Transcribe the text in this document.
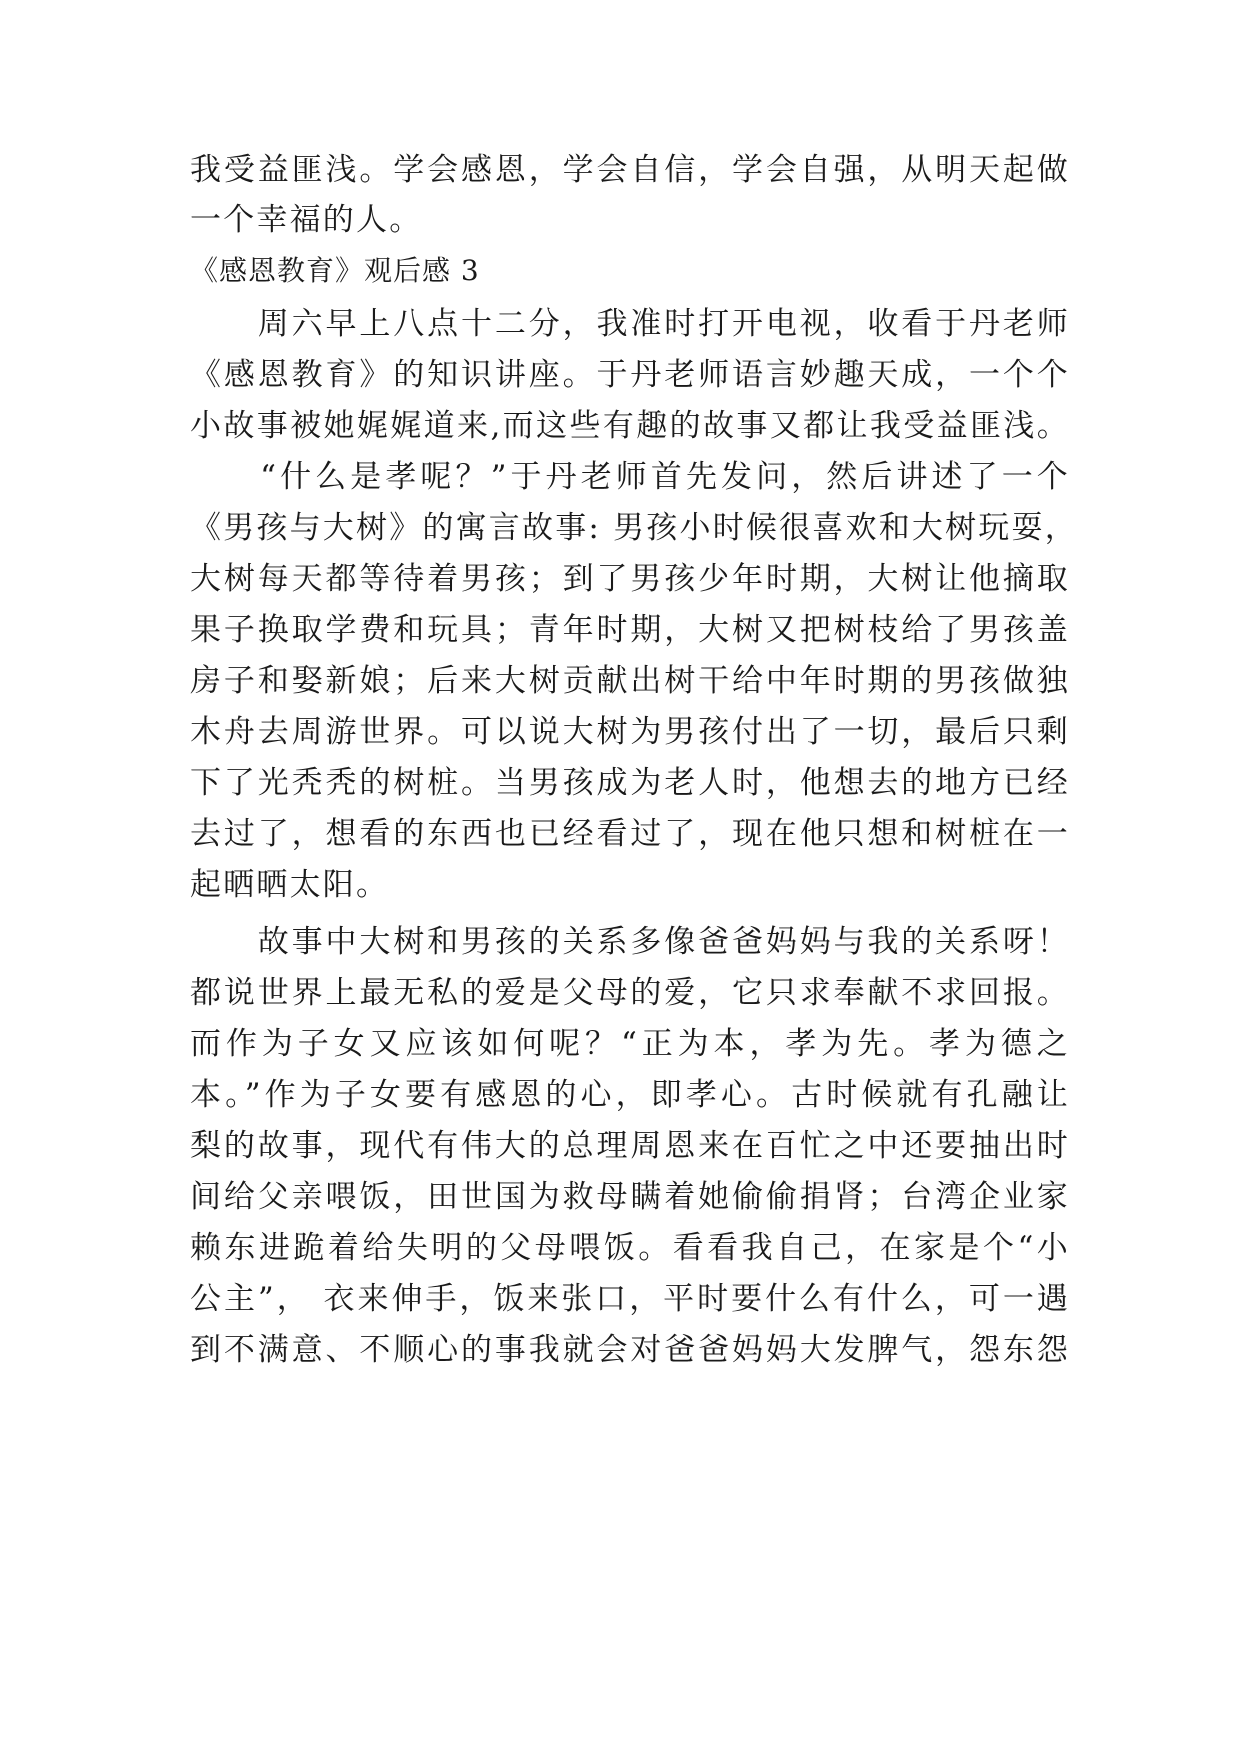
我受益匪浅。学会感恩，学会自信，学会自强，从明天起做

一个幸福的人。

《感恩教育》观后感 3

　　周六早上八点十二分，我准时打开电视，收看于丹老师

《感恩教育》的知识讲座。于丹老师语言妙趣天成，一个个

小故事被她娓娓道来,而这些有趣的故事又都让我受益匪浅。

　　“什么是孝呢？”于丹老师首先发问，然后讲述了一个

《男孩与大树》的寓言故事: 男孩小时候很喜欢和大树玩耍，

大树每天都等待着男孩；到了男孩少年时期，大树让他摘取

果子换取学费和玩具；青年时期，大树又把树枝给了男孩盖

房子和娶新娘；后来大树贡献出树干给中年时期的男孩做独

木舟去周游世界。可以说大树为男孩付出了一切，最后只剩

下了光秃秃的树桩。当男孩成为老人时，他想去的地方已经

去过了，想看的东西也已经看过了，现在他只想和树桩在一

起晒晒太阳。

　　故事中大树和男孩的关系多像爸爸妈妈与我的关系呀！

都说世界上最无私的爱是父母的爱，它只求奉献不求回报。

而作为子女又应该如何呢？“正为本，孝为先。孝为德之

本。”作为子女要有感恩的心，即孝心。古时候就有孔融让

梨的故事，现代有伟大的总理周恩来在百忙之中还要抽出时

间给父亲喂饭，田世国为救母瞒着她偷偷捐肾；台湾企业家

赖东进跪着给失明的父母喂饭。看看我自己，在家是个“小

公主”， 衣来伸手，饭来张口，平时要什么有什么，可一遇

到不满意、不顺心的事我就会对爸爸妈妈大发脾气，怨东怨
